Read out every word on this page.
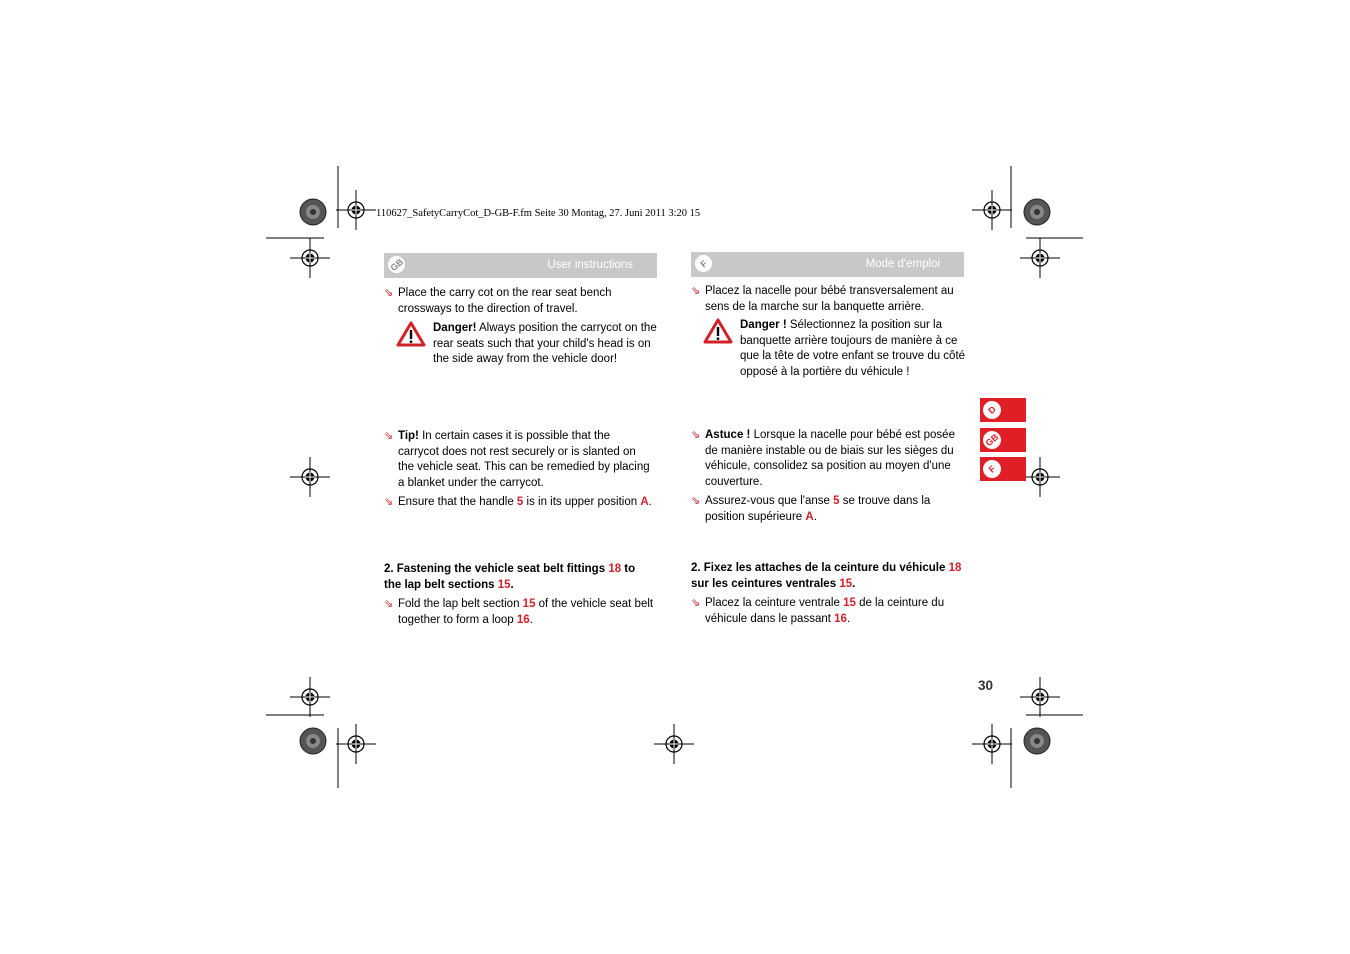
110627_SafetyCarryCot_D-GB-F.fm Seite 30 Montag, 27. Juni 2011 3:20 15
GB	User instructions
⇘ Place the carry cot on the rear seat bench crossways to the direction of travel.
Danger! Always position the carrycot on the rear seats such that your child's head is on the side away from the vehicle door!
⇘ Tip! In certain cases it is possible that the carrycot does not rest securely or is slanted on the vehicle seat. This can be remedied by placing a blanket under the carrycot.
⇘ Ensure that the handle 5 is in its upper position A.
2. Fastening the vehicle seat belt fittings 18 to the lap belt sections 15.
⇘ Fold the lap belt section 15 of the vehicle seat belt together to form a loop 16.
F	Mode d'emploi
⇘ Placez la nacelle pour bébé transversalement au sens de la marche sur la banquette arrière.
Danger ! Sélectionnez la position sur la banquette arrière toujours de manière à ce que la tête de votre enfant se trouve du côté opposé à la portière du véhicule !
⇘ Astuce ! Lorsque la nacelle pour bébé est posée de manière instable ou de biais sur les sièges du véhicule, consolidez sa position au moyen d'une couverture.
⇘ Assurez-vous que l'anse 5 se trouve dans la position supérieure A.
2. Fixez les attaches de la ceinture du véhicule 18 sur les ceintures ventrales 15.
⇘ Placez la ceinture ventrale 15 de la ceinture du véhicule dans le passant 16.
D
GB
F
30
